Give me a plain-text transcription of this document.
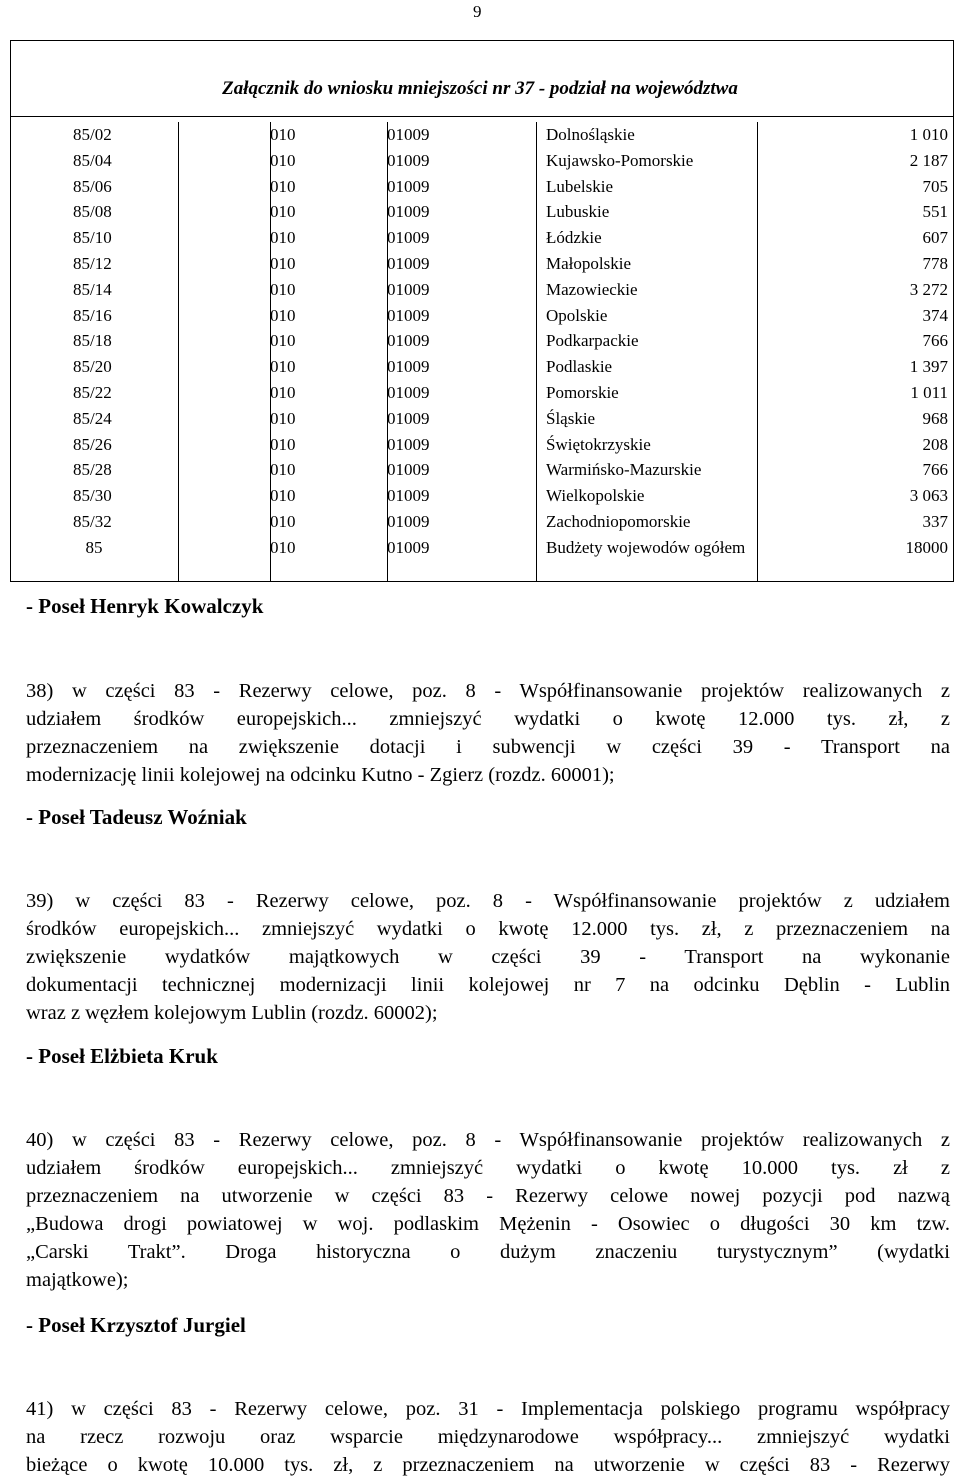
9
Załącznik do wniosku mniejszości nr 37 - podział na województwa
85/02	010	01009	Dolnośląskie	1 010
85/04	010	01009	Kujawsko-Pomorskie	2 187
85/06	010	01009	Lubelskie	705
85/08	010	01009	Lubuskie	551
85/10	010	01009	Łódzkie	607
85/12	010	01009	Małopolskie	778
85/14	010	01009	Mazowieckie	3 272
85/16	010	01009	Opolskie	374
85/18	010	01009	Podkarpackie	766
85/20	010	01009	Podlaskie	1 397
85/22	010	01009	Pomorskie	1 011
85/24	010	01009	Śląskie	968
85/26	010	01009	Świętokrzyskie	208
85/28	010	01009	Warmińsko-Mazurskie	766
85/30	010	01009	Wielkopolskie	3 063
85/32	010	01009	Zachodniopomorskie	337
85	010	01009	Budżety wojewodów ogółem	18000
- Poseł Henryk Kowalczyk
38) w części 83 - Rezerwy celowe, poz. 8 - Współfinansowanie projektów realizowanych z
udziałem środków europejskich... zmniejszyć wydatki o kwotę 12.000 tys. zł, z
przeznaczeniem na zwiększenie dotacji i subwencji w części 39 - Transport na
modernizację linii kolejowej na odcinku Kutno - Zgierz (rozdz. 60001);
- Poseł Tadeusz Woźniak
39) w części 83 - Rezerwy celowe, poz. 8 - Współfinansowanie projektów z udziałem
środków europejskich... zmniejszyć wydatki o kwotę 12.000 tys. zł, z przeznaczeniem na
zwiększenie wydatków majątkowych w części 39 - Transport na wykonanie
dokumentacji technicznej modernizacji linii kolejowej nr 7 na odcinku Dęblin - Lublin
wraz z węzłem kolejowym Lublin (rozdz. 60002);
- Poseł Elżbieta Kruk
40) w części 83 - Rezerwy celowe, poz. 8 - Współfinansowanie projektów realizowanych z
udziałem środków europejskich... zmniejszyć wydatki o kwotę 10.000 tys. zł z
przeznaczeniem na utworzenie w części 83 - Rezerwy celowe nowej pozycji pod nazwą
„Budowa drogi powiatowej w woj. podlaskim Mężenin - Osowiec o długości 30 km tzw.
„Carski Trakt”. Droga historyczna o dużym znaczeniu turystycznym” (wydatki
majątkowe);
- Poseł Krzysztof Jurgiel
41) w części 83 - Rezerwy celowe, poz. 31 - Implementacja polskiego programu współpracy
na rzecz rozwoju oraz wsparcie międzynarodowe współpracy... zmniejszyć wydatki
bieżące o kwotę 10.000 tys. zł, z przeznaczeniem na utworzenie w części 83 - Rezerwy
